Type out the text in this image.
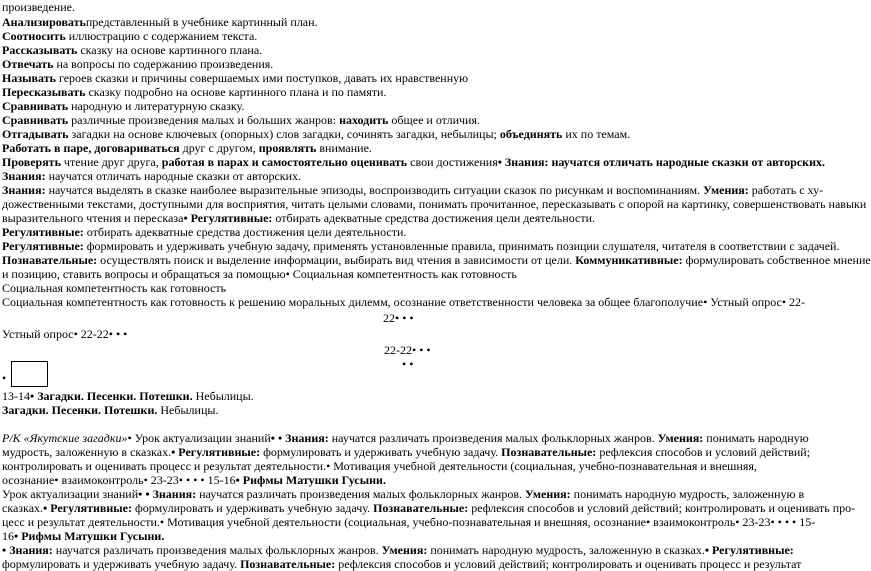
произведение.
Анализироватьпредставленный в учебнике картинный план.
Соотносить иллюстрацию с содержанием текста.
Рассказывать сказку на основе картинного плана.
Отвечать на вопросы по содержанию произведения.
Называть героев сказки и причины совершаемых ими поступков, давать их нравственную
Пересказывать сказку подробно на основе картинного плана и по памяти.
Сравнивать народную и литературную сказку.
Сравнивать различные произведения малых и больших жанров: находить общее и отличия.
Отгадывать загадки на основе ключевых (опорных) слов загадки, сочинять загадки, небылицы; объединять их по темам.
Работать в паре, договариваться друг с другом, проявлять внимание.
Проверять чтение друг друга, работая в парах и самостоятельно оценивать свои достижения• Знания: научатся отличать народные сказки от авторских.
Знания: научатся отличать народные сказки от авторских.
Знания: научатся выделять в сказке наиболее выразительные эпизоды, воспроизводить ситуации сказок по рисункам и воспоминаниям. Умения: работать с ху-
дожественными текстами, доступными для восприятия, читать целыми словами, понимать прочитанное, пересказывать с опорой на картинку, совершенствовать навыки
выразительного чтения и пересказа• Регулятивные: отбирать адекватные средства достижения цели деятельности.
Регулятивные: отбирать адекватные средства достижения цели деятельности.
Регулятивные: формировать и удерживать учебную задачу, применять установленные правила, принимать позиции слушателя, читателя в соответствии с задачей.
Познавательные: осуществлять поиск и выделение информации, выбирать вид чтения в зависимости от цели. Коммуникативные: формулировать собственное мнение
и позицию, ставить вопросы и обращаться за помощью• Социальная компетентность как готовность
Социальная компетентность как готовность
Социальная компетентность как готовность к решению моральных дилемм, осознание ответственности человека за общее благополучие• Устный опрос• 22-
22• • •
Устный опрос• 22-22• • •
22-22• • •
• •
•
13-14• Загадки. Песенки. Потешки. Небылицы.
Загадки. Песенки. Потешки. Небылицы.
Р/К «Якутские загадки»• Урок актуализации знаний• • Знания: научатся различать произведения малых фольклорных жанров. Умения: понимать народную
мудрость, заложенную в сказках.• Регулятивные: формулировать и удерживать учебную задачу. Познавательные: рефлексия способов и условий действий;
контролировать и оценивать процесс и результат деятельности.• Мотивация учебной деятельности (социальная, учебно-познавательная и внешняя,
осознание• взаимоконтроль• 23-23• • • • 15-16• Рифмы Матушки Гусыни.
Урок актуализации знаний• • Знания: научатся различать произведения малых фольклорных жанров. Умения: понимать народную мудрость, заложенную в
сказках.• Регулятивные: формулировать и удерживать учебную задачу. Познавательные: рефлексия способов и условий действий; контролировать и оценивать про-
цесс и результат деятельности.• Мотивация учебной деятельности (социальная, учебно-познавательная и внешняя, осознание• взаимоконтроль• 23-23• • • • 15-
16• Рифмы Матушки Гусыни.
• Знания: научатся различать произведения малых фольклорных жанров. Умения: понимать народную мудрость, заложенную в сказках.• Регулятивные:
формулировать и удерживать учебную задачу. Познавательные: рефлексия способов и условий действий; контролировать и оценивать процесс и результат
